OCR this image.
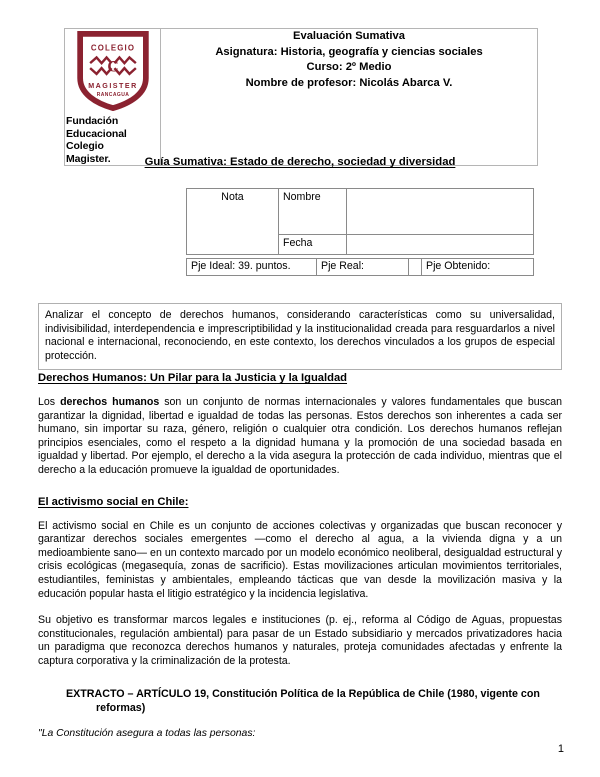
COLEGIO
C
MAGISTER
RANCAGUA
Fundación
Educacional
Colegio
Magister.

Evaluación Sumativa
Asignatura: Historia, geografía y ciencias sociales
Curso: 2º Medio
Nombre de profesor: Nicolás Abarca V.
Guía Sumativa: Estado de derecho, sociedad y diversidad
Nota	Nombre	
	Fecha	
Pje Ideal: 39. puntos.	Pje Real:		Pje Obtenido:
Analizar el concepto de derechos humanos, considerando características como su universalidad, indivisibilidad, interdependencia e imprescriptibilidad y la institucionalidad creada para resguardarlos a nivel nacional e internacional, reconociendo, en este contexto, los derechos vinculados a los grupos de especial protección.
Derechos Humanos: Un Pilar para la Justicia y la Igualdad

Los derechos humanos son un conjunto de normas internacionales y valores fundamentales que buscan garantizar la dignidad, libertad e igualdad de todas las personas. Estos derechos son inherentes a cada ser humano, sin importar su raza, género, religión o cualquier otra condición. Los derechos humanos reflejan principios esenciales, como el respeto a la dignidad humana y la promoción de una sociedad basada en igualdad y libertad. Por ejemplo, el derecho a la vida asegura la protección de cada individuo, mientras que el derecho a la educación promueve la igualdad de oportunidades.

El activismo social en Chile:

El activismo social en Chile es un conjunto de acciones colectivas y organizadas que buscan reconocer y garantizar derechos sociales emergentes —como el derecho al agua, a la vivienda digna y a un medioambiente sano— en un contexto marcado por un modelo económico neoliberal, desigualdad estructural y crisis ecológicas (megasequía, zonas de sacrificio). Estas movilizaciones articulan movimientos territoriales, estudiantiles, feministas y ambientales, empleando tácticas que van desde la movilización masiva y la educación popular hasta el litigio estratégico y la incidencia legislativa.

Su objetivo es transformar marcos legales e instituciones (p. ej., reforma al Código de Aguas, propuestas constitucionales, regulación ambiental) para pasar de un Estado subsidiario y mercados privatizadores hacia un paradigma que reconozca derechos humanos y naturales, proteja comunidades afectadas y enfrente la captura corporativa y la criminalización de la protesta.

EXTRACTO – ARTÍCULO 19, Constitución Política de la República de Chile (1980, vigente con
reformas)

"La Constitución asegura a todas las personas:

1
